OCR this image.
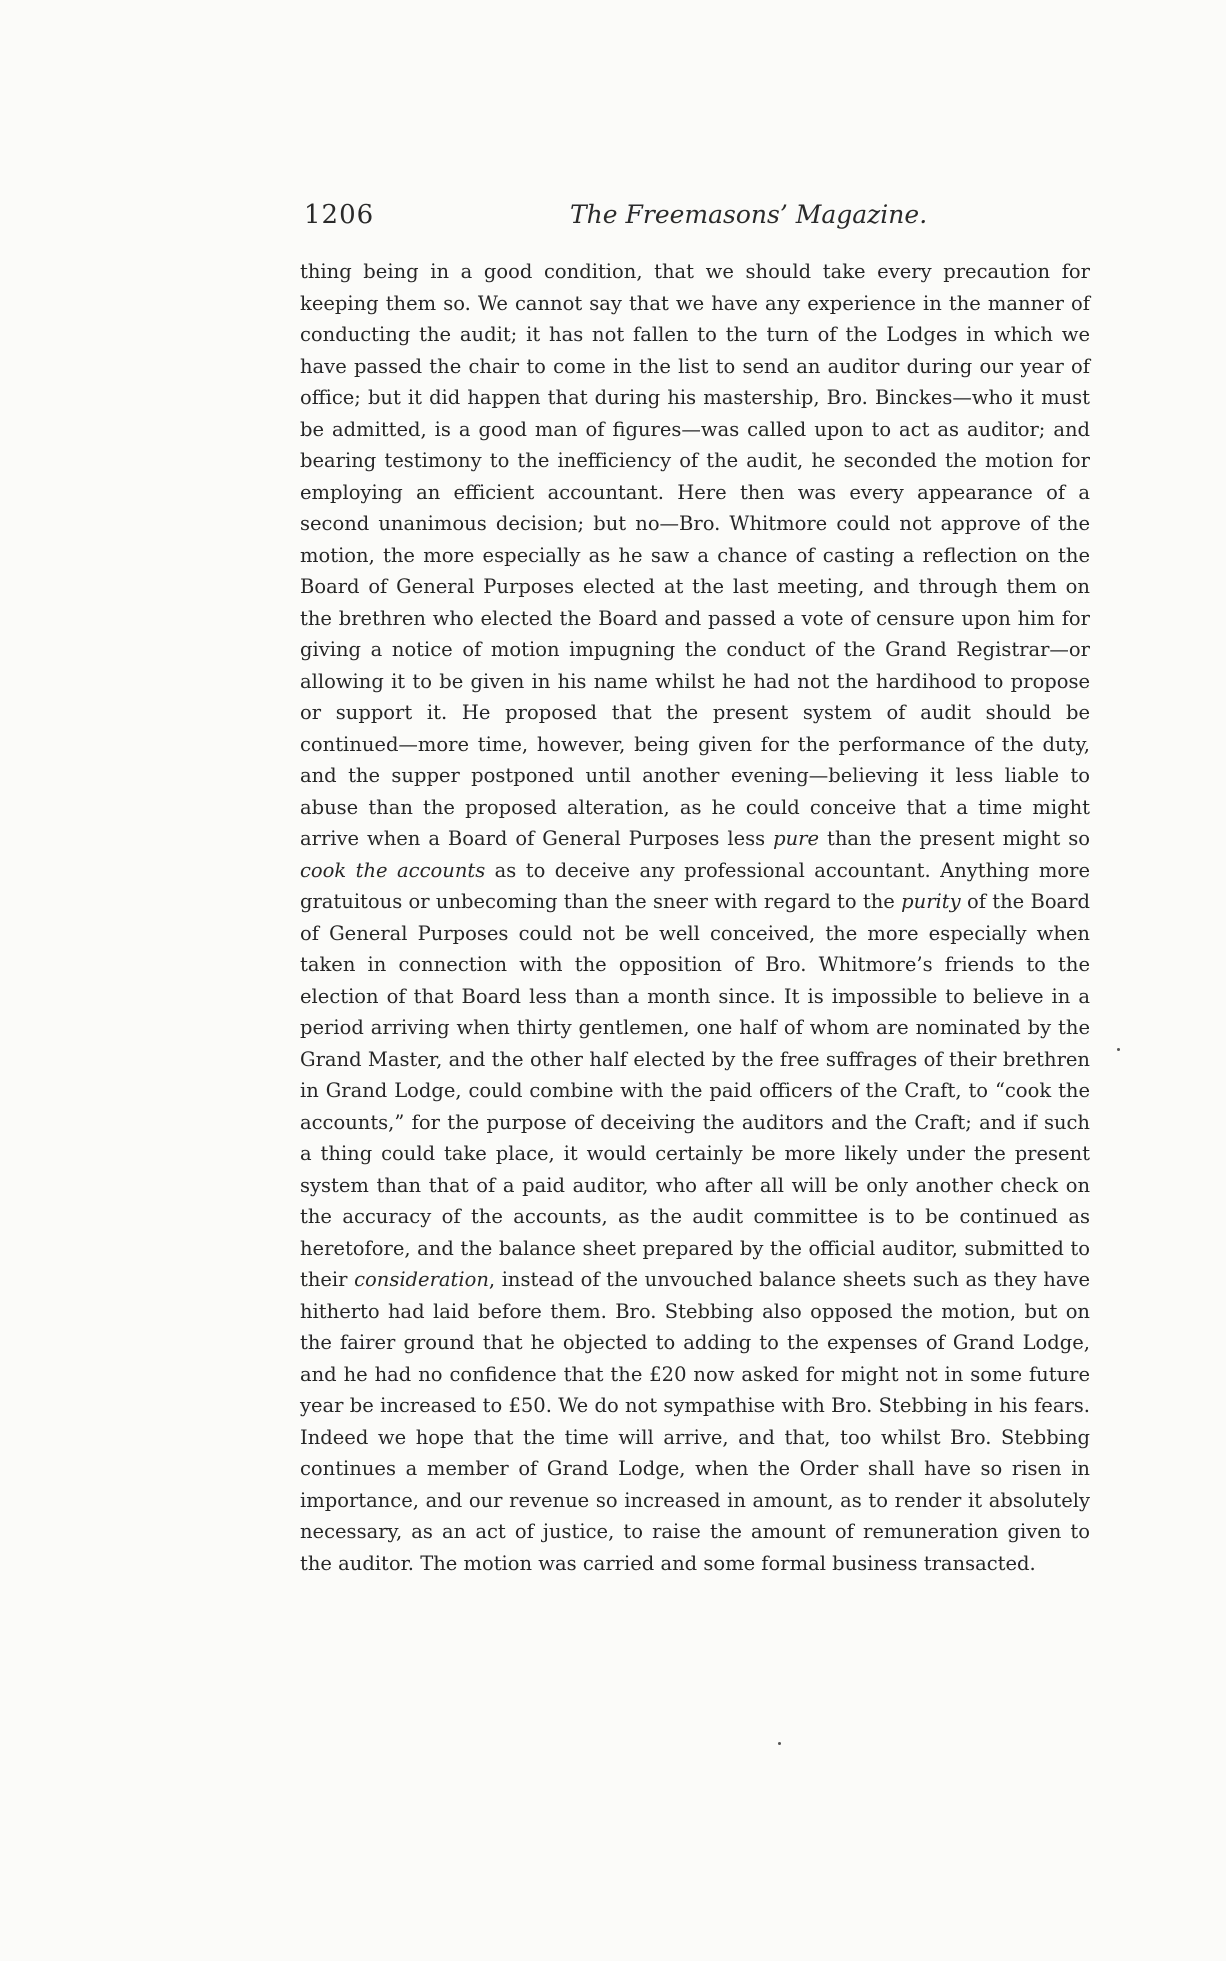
1206	The Freemasons’ Magazine.

thing being in a good condition, that we should take every precaution for keeping them so. We cannot say that we have any experience in the manner of conducting the audit; it has not fallen to the turn of the Lodges in which we have passed the chair to come in the list to send an auditor during our year of office; but it did happen that during his mastership, Bro. Binckes—who it must be admitted, is a good man of figures—was called upon to act as auditor; and bearing testimony to the inefficiency of the audit, he seconded the motion for employing an efficient accountant. Here then was every appearance of a second unanimous decision; but no—Bro. Whitmore could not approve of the motion, the more especially as he saw a chance of casting a reflection on the Board of General Purposes elected at the last meeting, and through them on the brethren who elected the Board and passed a vote of censure upon him for giving a notice of motion impugning the conduct of the Grand Registrar—or allowing it to be given in his name whilst he had not the hardihood to propose or support it. He proposed that the present system of audit should be continued—more time, however, being given for the performance of the duty, and the supper postponed until another evening—believing it less liable to abuse than the proposed alteration, as he could conceive that a time might arrive when a Board of General Purposes less pure than the present might so cook the accounts as to deceive any professional accountant. Anything more gratuitous or unbecoming than the sneer with regard to the purity of the Board of General Purposes could not be well conceived, the more especially when taken in connection with the opposition of Bro. Whitmore’s friends to the election of that Board less than a month since. It is impossible to believe in a period arriving when thirty gentlemen, one half of whom are nominated by the Grand Master, and the other half elected by the free suffrages of their brethren in Grand Lodge, could combine with the paid officers of the Craft, to “cook the accounts,” for the purpose of deceiving the auditors and the Craft; and if such a thing could take place, it would certainly be more likely under the present system than that of a paid auditor, who after all will be only another check on the accuracy of the accounts, as the audit committee is to be continued as heretofore, and the balance sheet prepared by the official auditor, submitted to their consideration, instead of the unvouched balance sheets such as they have hitherto had laid before them. Bro. Stebbing also opposed the motion, but on the fairer ground that he objected to adding to the expenses of Grand Lodge, and he had no confidence that the £20 now asked for might not in some future year be increased to £50. We do not sympathise with Bro. Stebbing in his fears. Indeed we hope that the time will arrive, and that, too whilst Bro. Stebbing continues a member of Grand Lodge, when the Order shall have so risen in importance, and our revenue so increased in amount, as to render it absolutely necessary, as an act of justice, to raise the amount of remuneration given to the auditor. The motion was carried and some formal business transacted.
